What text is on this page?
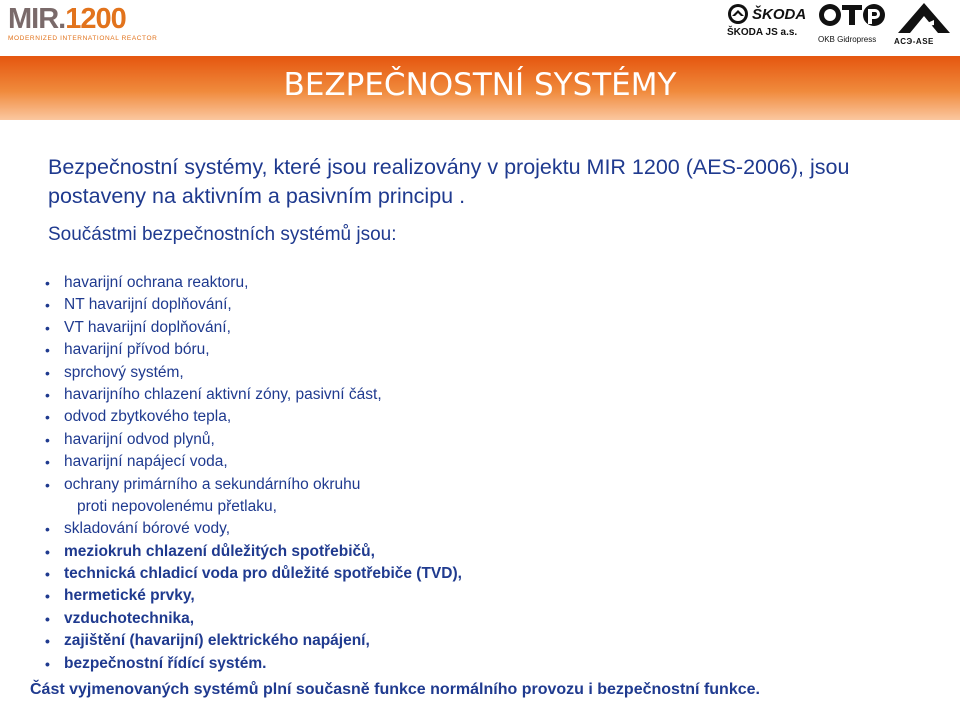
MIR.1200
MODERNIZED INTERNATIONAL REACTOR
ŠKODA
ŠKODA JS a.s.
OKB Gidropress	ACЭ-ASE
BEZPEČNOSTNÍ SYSTÉMY
Bezpečnostní systémy, které jsou realizovány v projektu MIR 1200 (AES-2006), jsou postaveny na aktivním a pasivním principu .
Součástmi bezpečnostních systémů jsou:
• havarijní ochrana reaktoru,
• NT havarijní doplňování,
• VT havarijní doplňování,
• havarijní přívod bóru,
• sprchový systém,
• havarijního chlazení aktivní zóny, pasivní část,
• odvod zbytkového tepla,
• havarijní odvod plynů,
• havarijní napájecí voda,
• ochrany primárního a sekundárního okruhu
proti nepovolenému přetlaku,
• skladování bórové vody,
• meziokruh chlazení důležitých spotřebičů,
• technická chladicí voda pro důležité spotřebiče (TVD),
• hermetické prvky,
• vzduchotechnika,
• zajištění (havarijní) elektrického napájení,
• bezpečnostní řídící systém.
Část vyjmenovaných systémů plní současně funkce normálního provozu i bezpečnostní funkce.
